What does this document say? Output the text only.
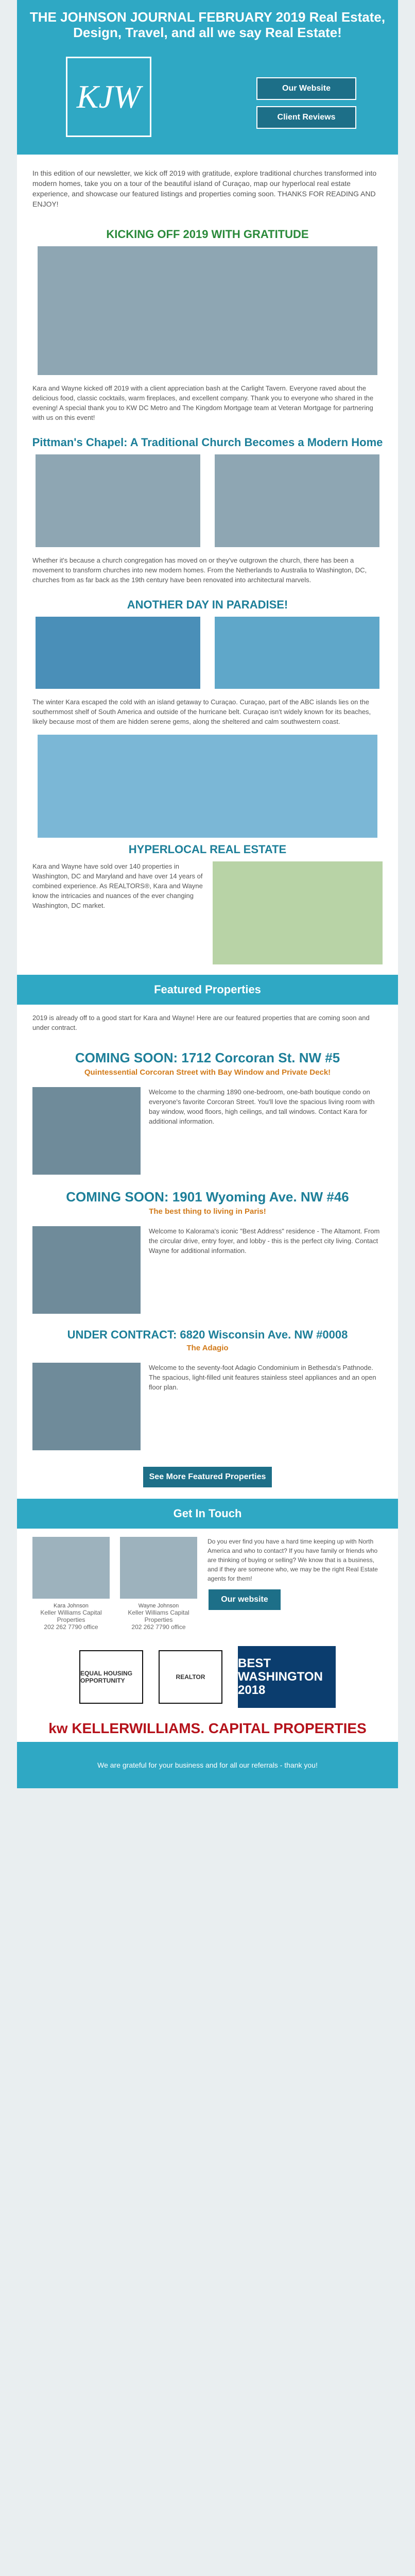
THE JOHNSON JOURNAL FEBRUARY 2019 Real Estate, Design, Travel, and all we say Real Estate!
KJW	Our Website
Client Reviews
In this edition of our newsletter, we kick off 2019 with gratitude, explore traditional churches transformed into modern homes, take you on a tour of the beautiful island of Curaçao, map our hyperlocal real estate experience, and showcase our featured listings and properties coming soon. THANKS FOR READING AND ENJOY!
KICKING OFF 2019 WITH GRATITUDE
Kara and Wayne kicked off 2019 with a client appreciation bash at the Carlight Tavern. Everyone raved about the delicious food, classic cocktails, warm fireplaces, and excellent company. Thank you to everyone who shared in the evening! A special thank you to KW DC Metro and The Kingdom Mortgage team at Veteran Mortgage for partnering with us on this event!
Pittman's Chapel: A Traditional Church Becomes a Modern Home
Whether it's because a church congregation has moved on or they've outgrown the church, there has been a movement to transform churches into new modern homes. From the Netherlands to Australia to Washington, DC, churches from as far back as the 19th century have been renovated into architectural marvels.
ANOTHER DAY IN PARADISE!
The winter Kara escaped the cold with an island getaway to Curaçao. Curaçao, part of the ABC islands lies on the southernmost shelf of South America and outside of the hurricane belt. Curaçao isn't widely known for its beaches, likely because most of them are hidden serene gems, along the sheltered and calm southwestern coast.
HYPERLOCAL REAL ESTATE
Kara and Wayne have sold over 140 properties in Washington, DC and Maryland and have over 14 years of combined experience. As REALTORS®, Kara and Wayne know the intricacies and nuances of the ever changing Washington, DC market.
Featured Properties
2019 is already off to a good start for Kara and Wayne! Here are our featured properties that are coming soon and under contract.
COMING SOON: 1712 Corcoran St. NW #5
Quintessential Corcoran Street with Bay Window and Private Deck!
Welcome to the charming 1890 one-bedroom, one-bath boutique condo on everyone's favorite Corcoran Street. You'll love the spacious living room with bay window, wood floors, high ceilings, and tall windows. Contact Kara for additional information.
COMING SOON: 1901 Wyoming Ave. NW #46
The best thing to living in Paris!
Welcome to Kalorama's iconic "Best Address" residence - The Altamont. From the circular drive, entry foyer, and lobby - this is the perfect city living. Contact Wayne for additional information.
UNDER CONTRACT: 6820 Wisconsin Ave. NW #0008
The Adagio
Welcome to the seventy-foot Adagio Condominium in Bethesda's Pathnode. The spacious, light-filled unit features stainless steel appliances and an open floor plan.
See More Featured Properties
Get In Touch
Kara Johnson
Keller Williams Capital Properties
202 262 7790 office
Wayne Johnson
Keller Williams Capital Properties
202 262 7790 office
Do you ever find you have a hard time keeping up with North America and who to contact? If you have family or friends who are thinking of buying or selling? We know that is a business, and if they are someone who, we may be the right Real Estate agents for them!
Our website
EQUAL HOUSING OPPORTUNITY	REALTOR
BEST WASHINGTON 2018
kw KELLERWILLIAMS. CAPITAL PROPERTIES
We are grateful for your business and for all our referrals - thank you!
